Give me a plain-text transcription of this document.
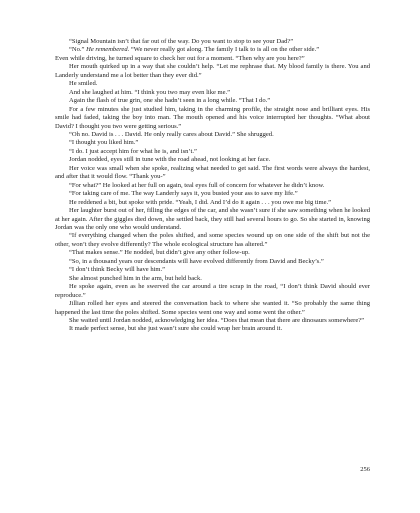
“Signal Mountain isn’t that far out of the way. Do you want to stop to see your Dad?”

“No.” He remembered. “We never really got along. The family I talk to is all on the other side.”

Even while driving, he turned square to check her out for a moment. “Then why are you here?”

Her mouth quirked up in a way that she couldn’t help. “Let me rephrase that. My blood family is there. You and Landerly understand me a lot better than they ever did.”

He smiled.

And she laughed at him. “I think you two may even like me.”

Again the flash of true grin, one she hadn’t seen in a long while. “That I do.”

For a few minutes she just studied him, taking in the charming profile, the straight nose and brilliant eyes. His smile had faded, taking the boy into man. The mouth opened and his voice interrupted her thoughts. “What about David? I thought you two were getting serious.”

“Oh no. David is . . . David. He only really cares about David.” She shrugged.

“I thought you liked him.”

“I do. I just accept him for what he is, and isn’t.”

Jordan nodded, eyes still in tune with the road ahead, not looking at her face.

Her voice was small when she spoke, realizing what needed to get said. The first words were always the hardest, and after that it would flow. “Thank you-”

“For what?” He looked at her full on again, teal eyes full of concern for whatever he didn’t know.

“For taking care of me. The way Landerly says it, you busted your ass to save my life.”

He reddened a bit, but spoke with pride. “Yeah, I did. And I’d do it again . . . you owe me big time.”

Her laughter burst out of her, filling the edges of the car, and she wasn’t sure if she saw something when he looked at her again. After the giggles died down, she settled back, they still had several hours to go. So she started in, knowing Jordan was the only one who would understand.

“If everything changed when the poles shifted, and some species wound up on one side of the shift but not the other, won’t they evolve differently? The whole ecological structure has altered.”

“That makes sense.” He nodded, but didn’t give any other follow-up.

“So, in a thousand years our descendants will have evolved differently from David and Becky’s.”

“I don’t think Becky will have him.”

She almost punched him in the arm, but held back.

He spoke again, even as he swerved the car around a tire scrap in the road, “I don’t think David should ever reproduce.”

Jillian rolled her eyes and steered the conversation back to where she wanted it. “So probably the same thing happened the last time the poles shifted. Some species went one way and some went the other.”

She waited until Jordan nodded, acknowledging her idea. “Does that mean that there are dinosaurs somewhere?”

It made perfect sense, but she just wasn’t sure she could wrap her brain around it.

256
